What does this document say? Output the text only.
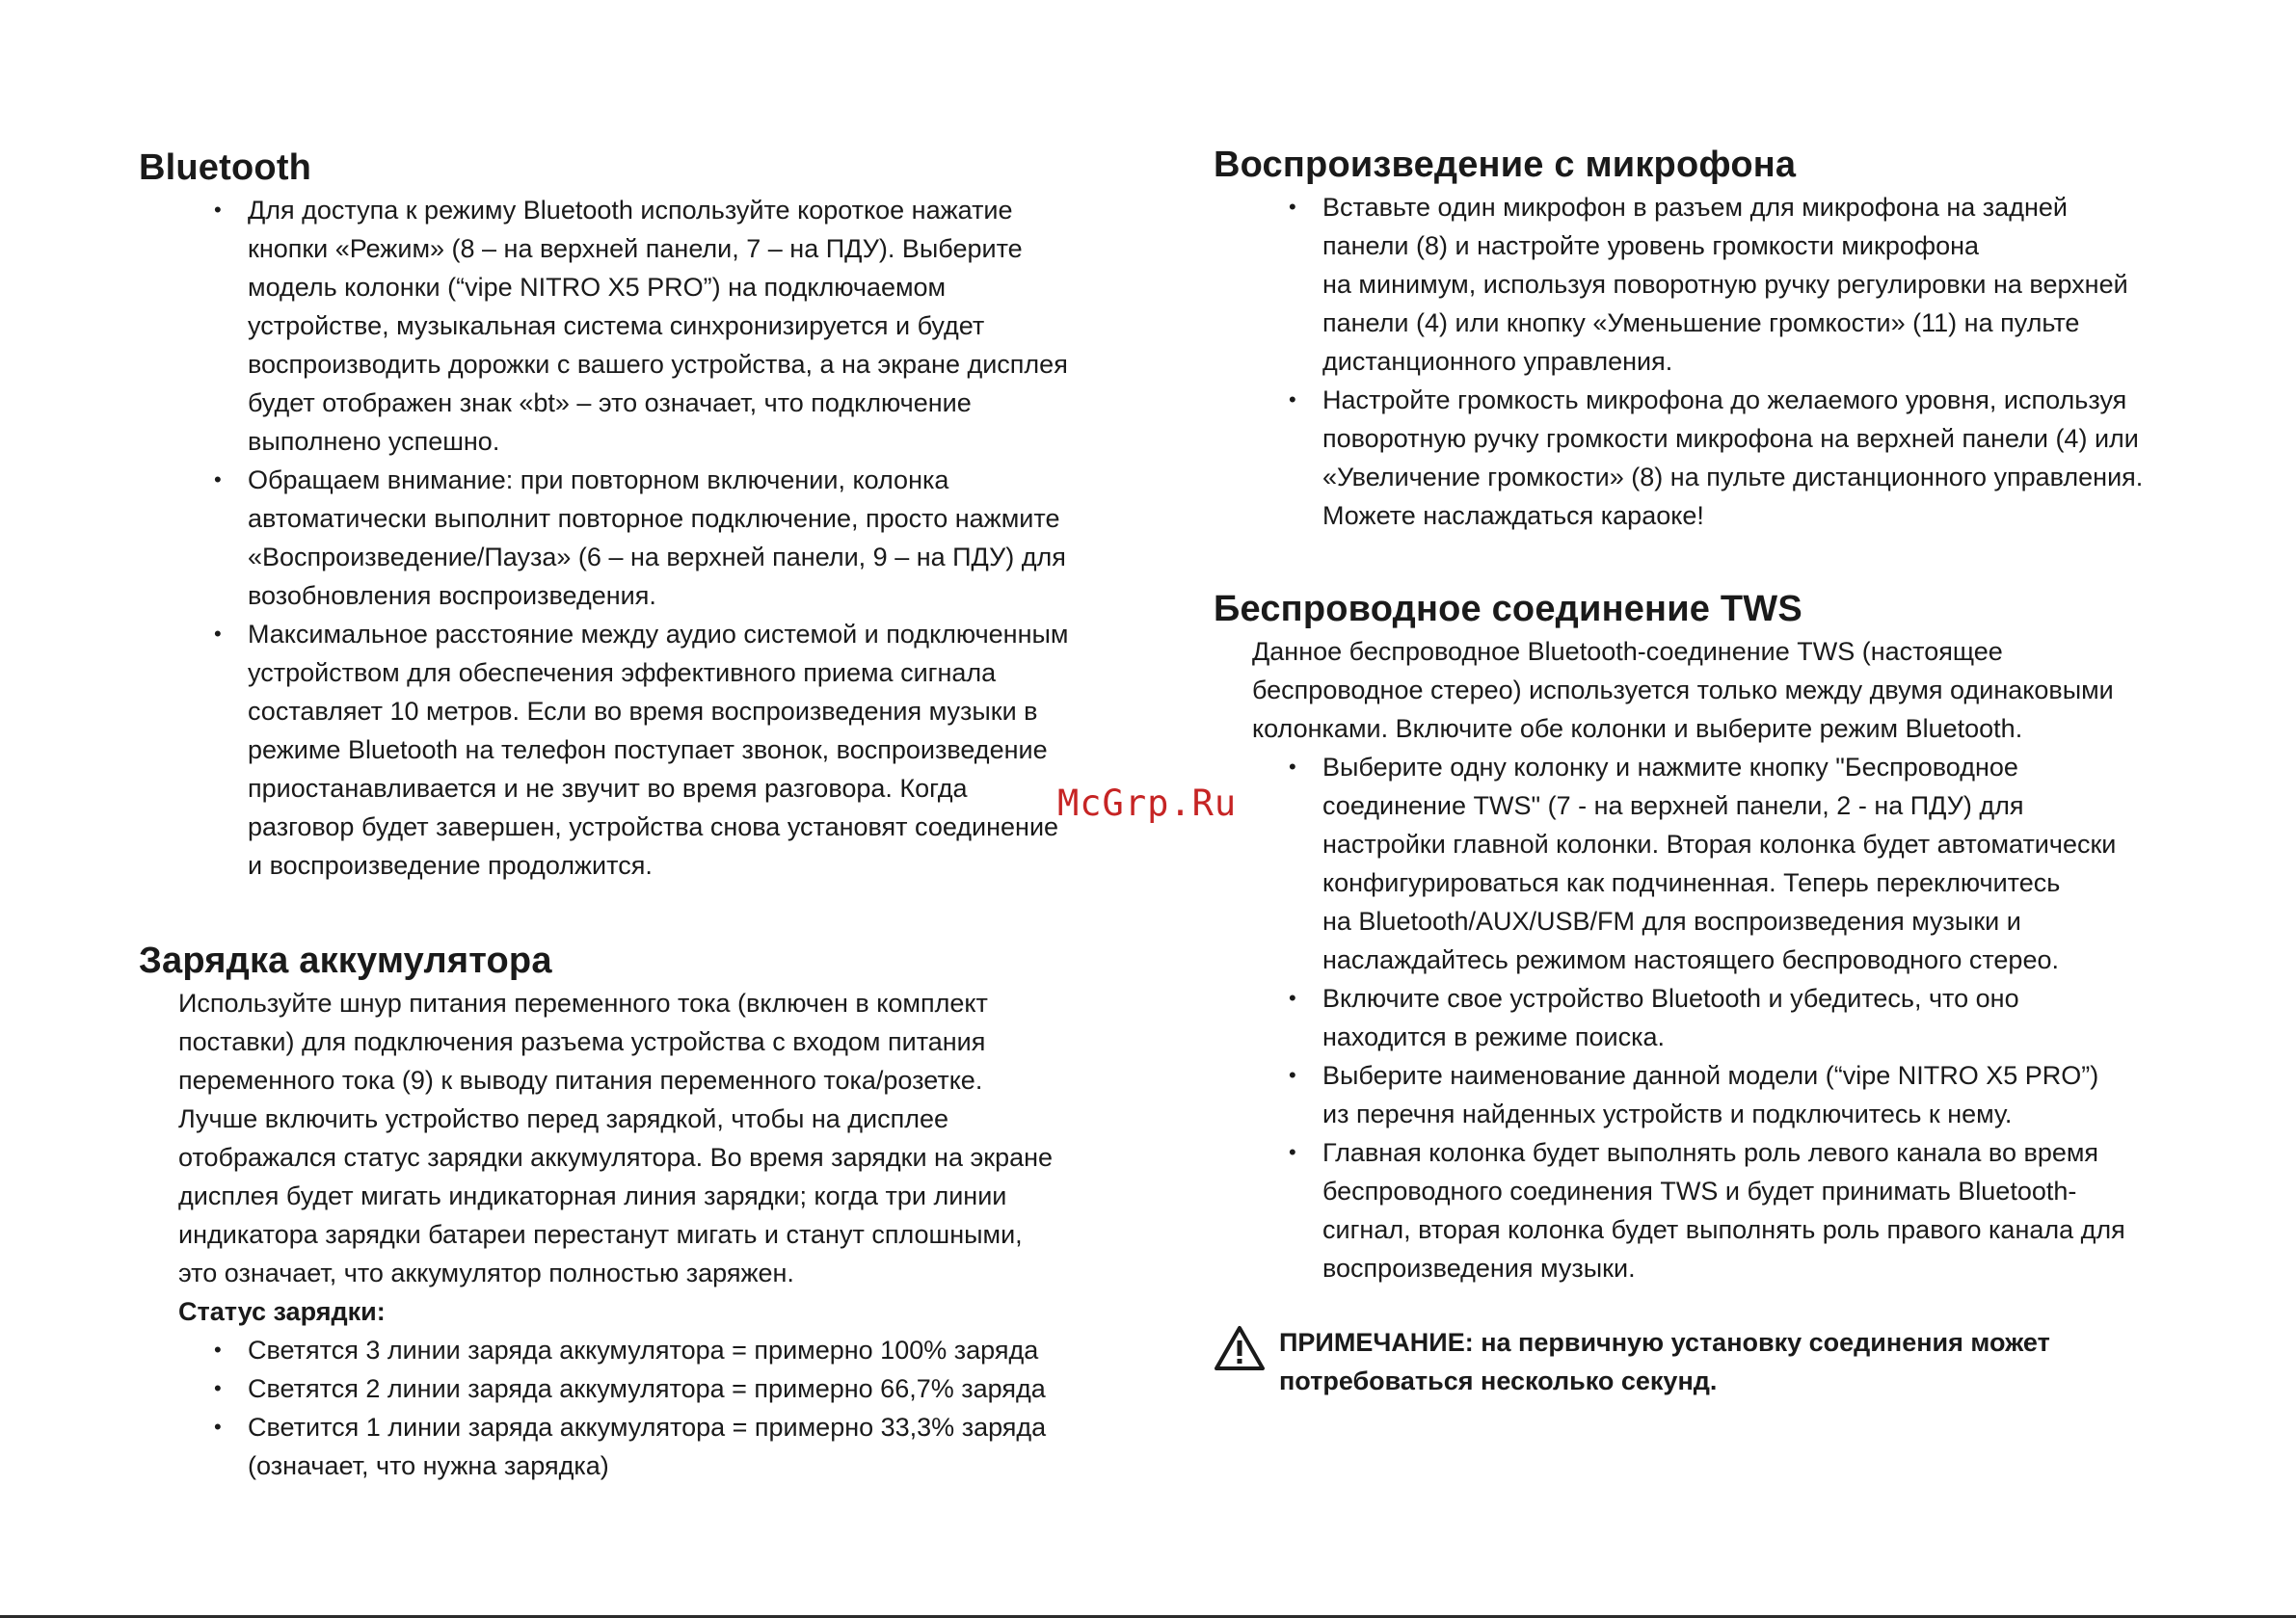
Bluetooth
• Для доступа к режиму Bluetooth используйте короткое нажатие
кнопки «Режим» (8 – на верхней панели, 7 – на ПДУ). Выберите
модель колонки (“vipe NITRO X5 PRO”) на подключаемом
устройстве, музыкальная система синхронизируется и будет
воспроизводить дорожки с вашего устройства, а на экране дисплея
будет отображен знак «bt» – это означает, что подключение
выполнено успешно.
• Обращаем внимание: при повторном включении, колонка
автоматически выполнит повторное подключение, просто нажмите
«Воспроизведение/Пауза» (6 – на верхней панели, 9 – на ПДУ) для
возобновления воспроизведения.
• Максимальное расстояние между аудио системой и подключенным
устройством для обеспечения эффективного приема сигнала
составляет 10 метров. Если во время воспроизведения музыки в
режиме Bluetooth на телефон поступает звонок, воспроизведение
приостанавливается и не звучит во время разговора. Когда
разговор будет завершен, устройства снова установят соединение
и воспроизведение продолжится.
Зарядка аккумулятора
Используйте шнур питания переменного тока (включен в комплект
поставки) для подключения разъема устройства с входом питания
переменного тока (9) к выводу питания переменного тока/розетке.
Лучше включить устройство перед зарядкой, чтобы на дисплее
отображался статус зарядки аккумулятора. Во время зарядки на экране
дисплея будет мигать индикаторная линия зарядки; когда три линии
индикатора зарядки батареи перестанут мигать и станут сплошными,
это означает, что аккумулятор полностью заряжен.
Статус зарядки:
• Светятся 3 линии заряда аккумулятора = примерно 100% заряда
• Светятся 2 линии заряда аккумулятора = примерно 66,7% заряда
• Светится 1 линии заряда аккумулятора = примерно 33,3% заряда
(означает, что нужна зарядка)
Воспроизведение с микрофона
• Вставьте один микрофон в разъем для микрофона на задней
панели (8) и настройте уровень громкости микрофона
на минимум, используя поворотную ручку регулировки на верхней
панели (4) или кнопку «Уменьшение громкости» (11) на пульте
дистанционного управления.
• Настройте громкость микрофона до желаемого уровня, используя
поворотную ручку громкости микрофона на верхней панели (4) или
«Увеличение громкости» (8) на пульте дистанционного управления.
Можете наслаждаться караоке!
Беспроводное соединение TWS
Данное беспроводное Bluetooth-соединение TWS (настоящее
беспроводное стерео) используется только между двумя одинаковыми
колонками. Включите обе колонки и выберите режим Bluetooth.
• Выберите одну колонку и нажмите кнопку "Беспроводное
соединение TWS" (7 - на верхней панели, 2 - на ПДУ) для
настройки главной колонки. Вторая колонка будет автоматически
конфигурироваться как подчиненная. Теперь переключитесь
на Bluetooth/AUX/USB/FM для воспроизведения музыки и
наслаждайтесь режимом настоящего беспроводного стерео.
• Включите свое устройство Bluetooth и убедитесь, что оно
находится в режиме поиска.
• Выберите наименование данной модели (“vipe NITRO X5 PRO”)
из перечня найденных устройств и подключитесь к нему.
• Главная колонка будет выполнять роль левого канала во время
беспроводного соединения TWS и будет принимать Bluetooth-
сигнал, вторая колонка будет выполнять роль правого канала для
воспроизведения музыки.
ПРИМЕЧАНИЕ: на первичную установку соединения может
потребоваться несколько секунд.
McGrp.Ru
